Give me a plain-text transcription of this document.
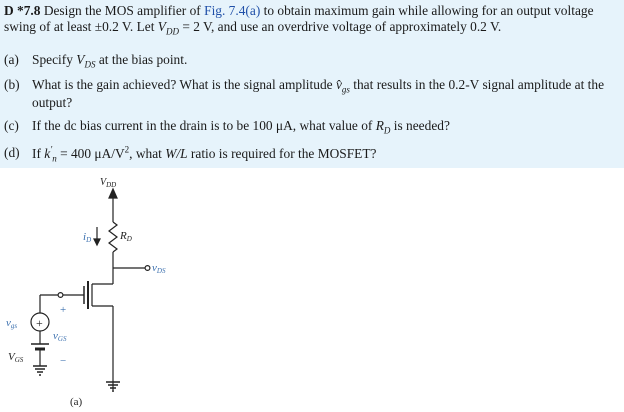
D *7.8 Design the MOS amplifier of Fig. 7.4(a) to obtain maximum gain while allowing for an output voltage
swing of at least ±0.2 V. Let $V_{DD} = 2$ V, and use an overdrive voltage of approximately 0.2 V.
(a) Specify $V_{DS}$ at the bias point.
(b) What is the gain achieved? What is the signal amplitude $v̂_{gs}$ that results in the 0.2-V signal amplitude at the
output?
(c) If the dc bias current in the drain is to be 100 μA, what value of $R_D$ is needed?
(d) If $k'_n = 400$ $\mu A/V^2$, what W/L ratio is required for the MOSFET?
+
$V_{DD}$
iD	RD
vDS
+
vGS
−
vgs
VGS
(a)
